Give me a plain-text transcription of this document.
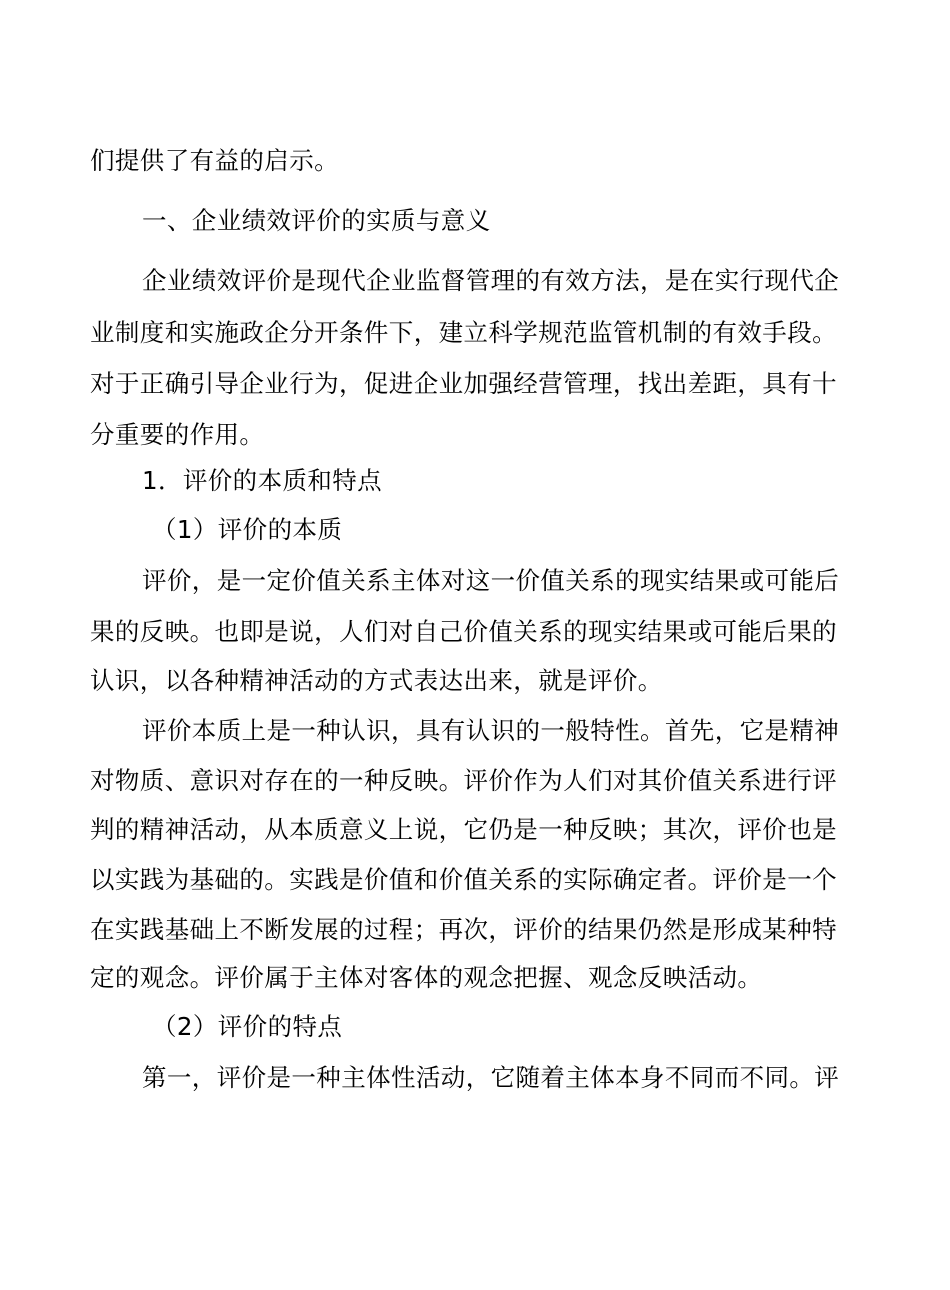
们提供了有益的启示。
一、企业绩效评价的实质与意义
企业绩效评价是现代企业监督管理的有效方法，是在实行现代企
业制度和实施政企分开条件下，建立科学规范监管机制的有效手段。
对于正确引导企业行为，促进企业加强经营管理，找出差距，具有十
分重要的作用。
1．评价的本质和特点
（1）评价的本质
评价，是一定价值关系主体对这一价值关系的现实结果或可能后
果的反映。也即是说，人们对自己价值关系的现实结果或可能后果的
认识，以各种精神活动的方式表达出来，就是评价。
评价本质上是一种认识，具有认识的一般特性。首先，它是精神
对物质、意识对存在的一种反映。评价作为人们对其价值关系进行评
判的精神活动，从本质意义上说，它仍是一种反映；其次，评价也是
以实践为基础的。实践是价值和价值关系的实际确定者。评价是一个
在实践基础上不断发展的过程；再次，评价的结果仍然是形成某种特
定的观念。评价属于主体对客体的观念把握、观念反映活动。
（2）评价的特点
第一，评价是一种主体性活动，它随着主体本身不同而不同。评
